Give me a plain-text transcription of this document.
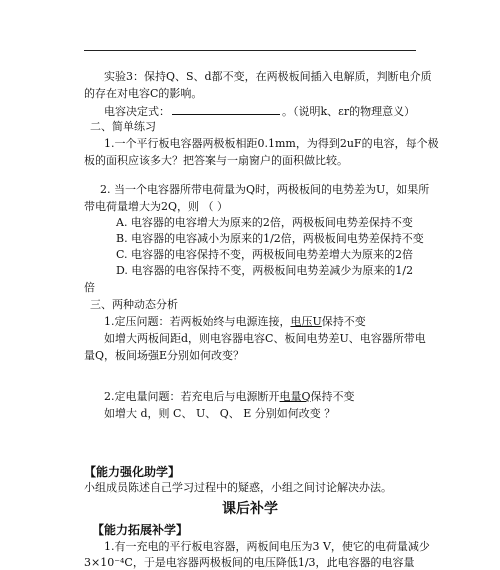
实验3：保持Q、S、d都不变，在两极板间插入电解质，判断电介质
的存在对电容C的影响。
电容决定式：	。（说明k、εr的物理意义）
二、简单练习
1.一个平行板电容器两极板相距0.1mm，为得到2uF的电容，每个极
板的面积应该多大？把答案与一扇窗户的面积做比较。
2. 当一个电容器所带电荷量为Q时，两极板间的电势差为U，如果所
带电荷量增大为2Q，则 （ ）
A. 电容器的电容增大为原来的2倍，两极板间电势差保持不变
B. 电容器的电容减小为原来的1/2倍，两极板间电势差保持不变
C. 电容器的电容保持不变，两极板间电势差增大为原来的2倍
D. 电容器的电容保持不变，两极板间电势差减少为原来的1/2
倍
三、两种动态分析
1.定压问题：若两板始终与电源连接，电压U保持不变
如增大两板间距d，则电容器电容C、板间电势差U、电容器所带电
量Q，板间场强E分别如何改变？
2.定电量问题：若充电后与电源断开电量Q保持不变
如增大 d，则 C、 U、 Q、 E 分别如何改变 ？
【能力强化助学】
小组成员陈述自己学习过程中的疑惑，小组之间讨论解决办法。
课后补学
【能力拓展补学】
1.有一充电的平行板电容器，两板间电压为3 V，使它的电荷量减少
3×10⁻⁴C，于是电容器两极板间的电压降低1/3，此电容器的电容量
